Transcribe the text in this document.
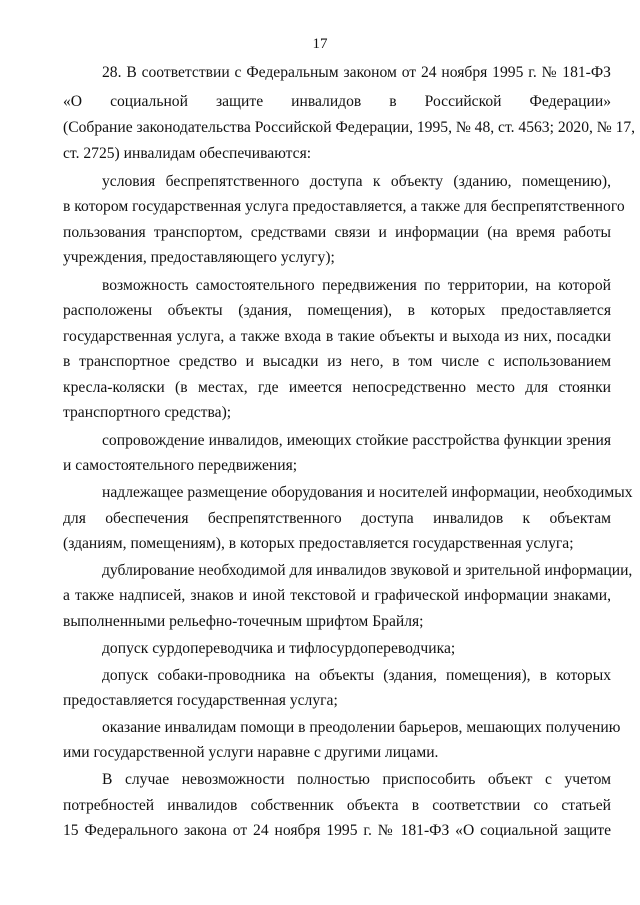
17
28. В соответствии с Федеральным законом от 24 ноября 1995 г. № 181-ФЗ
«О социальной защите инвалидов в Российской Федерации»
(Собрание законодательства Российской Федерации, 1995, № 48, ст. 4563; 2020, № 17,
ст. 2725) инвалидам обеспечиваются:
условия беспрепятственного доступа к объекту (зданию, помещению),
в котором государственная услуга предоставляется, а также для беспрепятственного
пользования транспортом, средствами связи и информации (на время работы
учреждения, предоставляющего услугу);
возможность самостоятельного передвижения по территории, на которой
расположены объекты (здания, помещения), в которых предоставляется
государственная услуга, а также входа в такие объекты и выхода из них, посадки
в транспортное средство и высадки из него, в том числе с использованием
кресла-коляски (в местах, где имеется непосредственно место для стоянки
транспортного средства);
сопровождение инвалидов, имеющих стойкие расстройства функции зрения
и самостоятельного передвижения;
надлежащее размещение оборудования и носителей информации, необходимых
для обеспечения беспрепятственного доступа инвалидов к объектам
(зданиям, помещениям), в которых предоставляется государственная услуга;
дублирование необходимой для инвалидов звуковой и зрительной информации,
а также надписей, знаков и иной текстовой и графической информации знаками,
выполненными рельефно-точечным шрифтом Брайля;
допуск сурдопереводчика и тифлосурдопереводчика;
допуск собаки-проводника на объекты (здания, помещения), в которых
предоставляется государственная услуга;
оказание инвалидам помощи в преодолении барьеров, мешающих получению
ими государственной услуги наравне с другими лицами.
В случае невозможности полностью приспособить объект с учетом
потребностей инвалидов собственник объекта в соответствии со статьей
15 Федерального закона от 24 ноября 1995 г. № 181-ФЗ «О социальной защите
